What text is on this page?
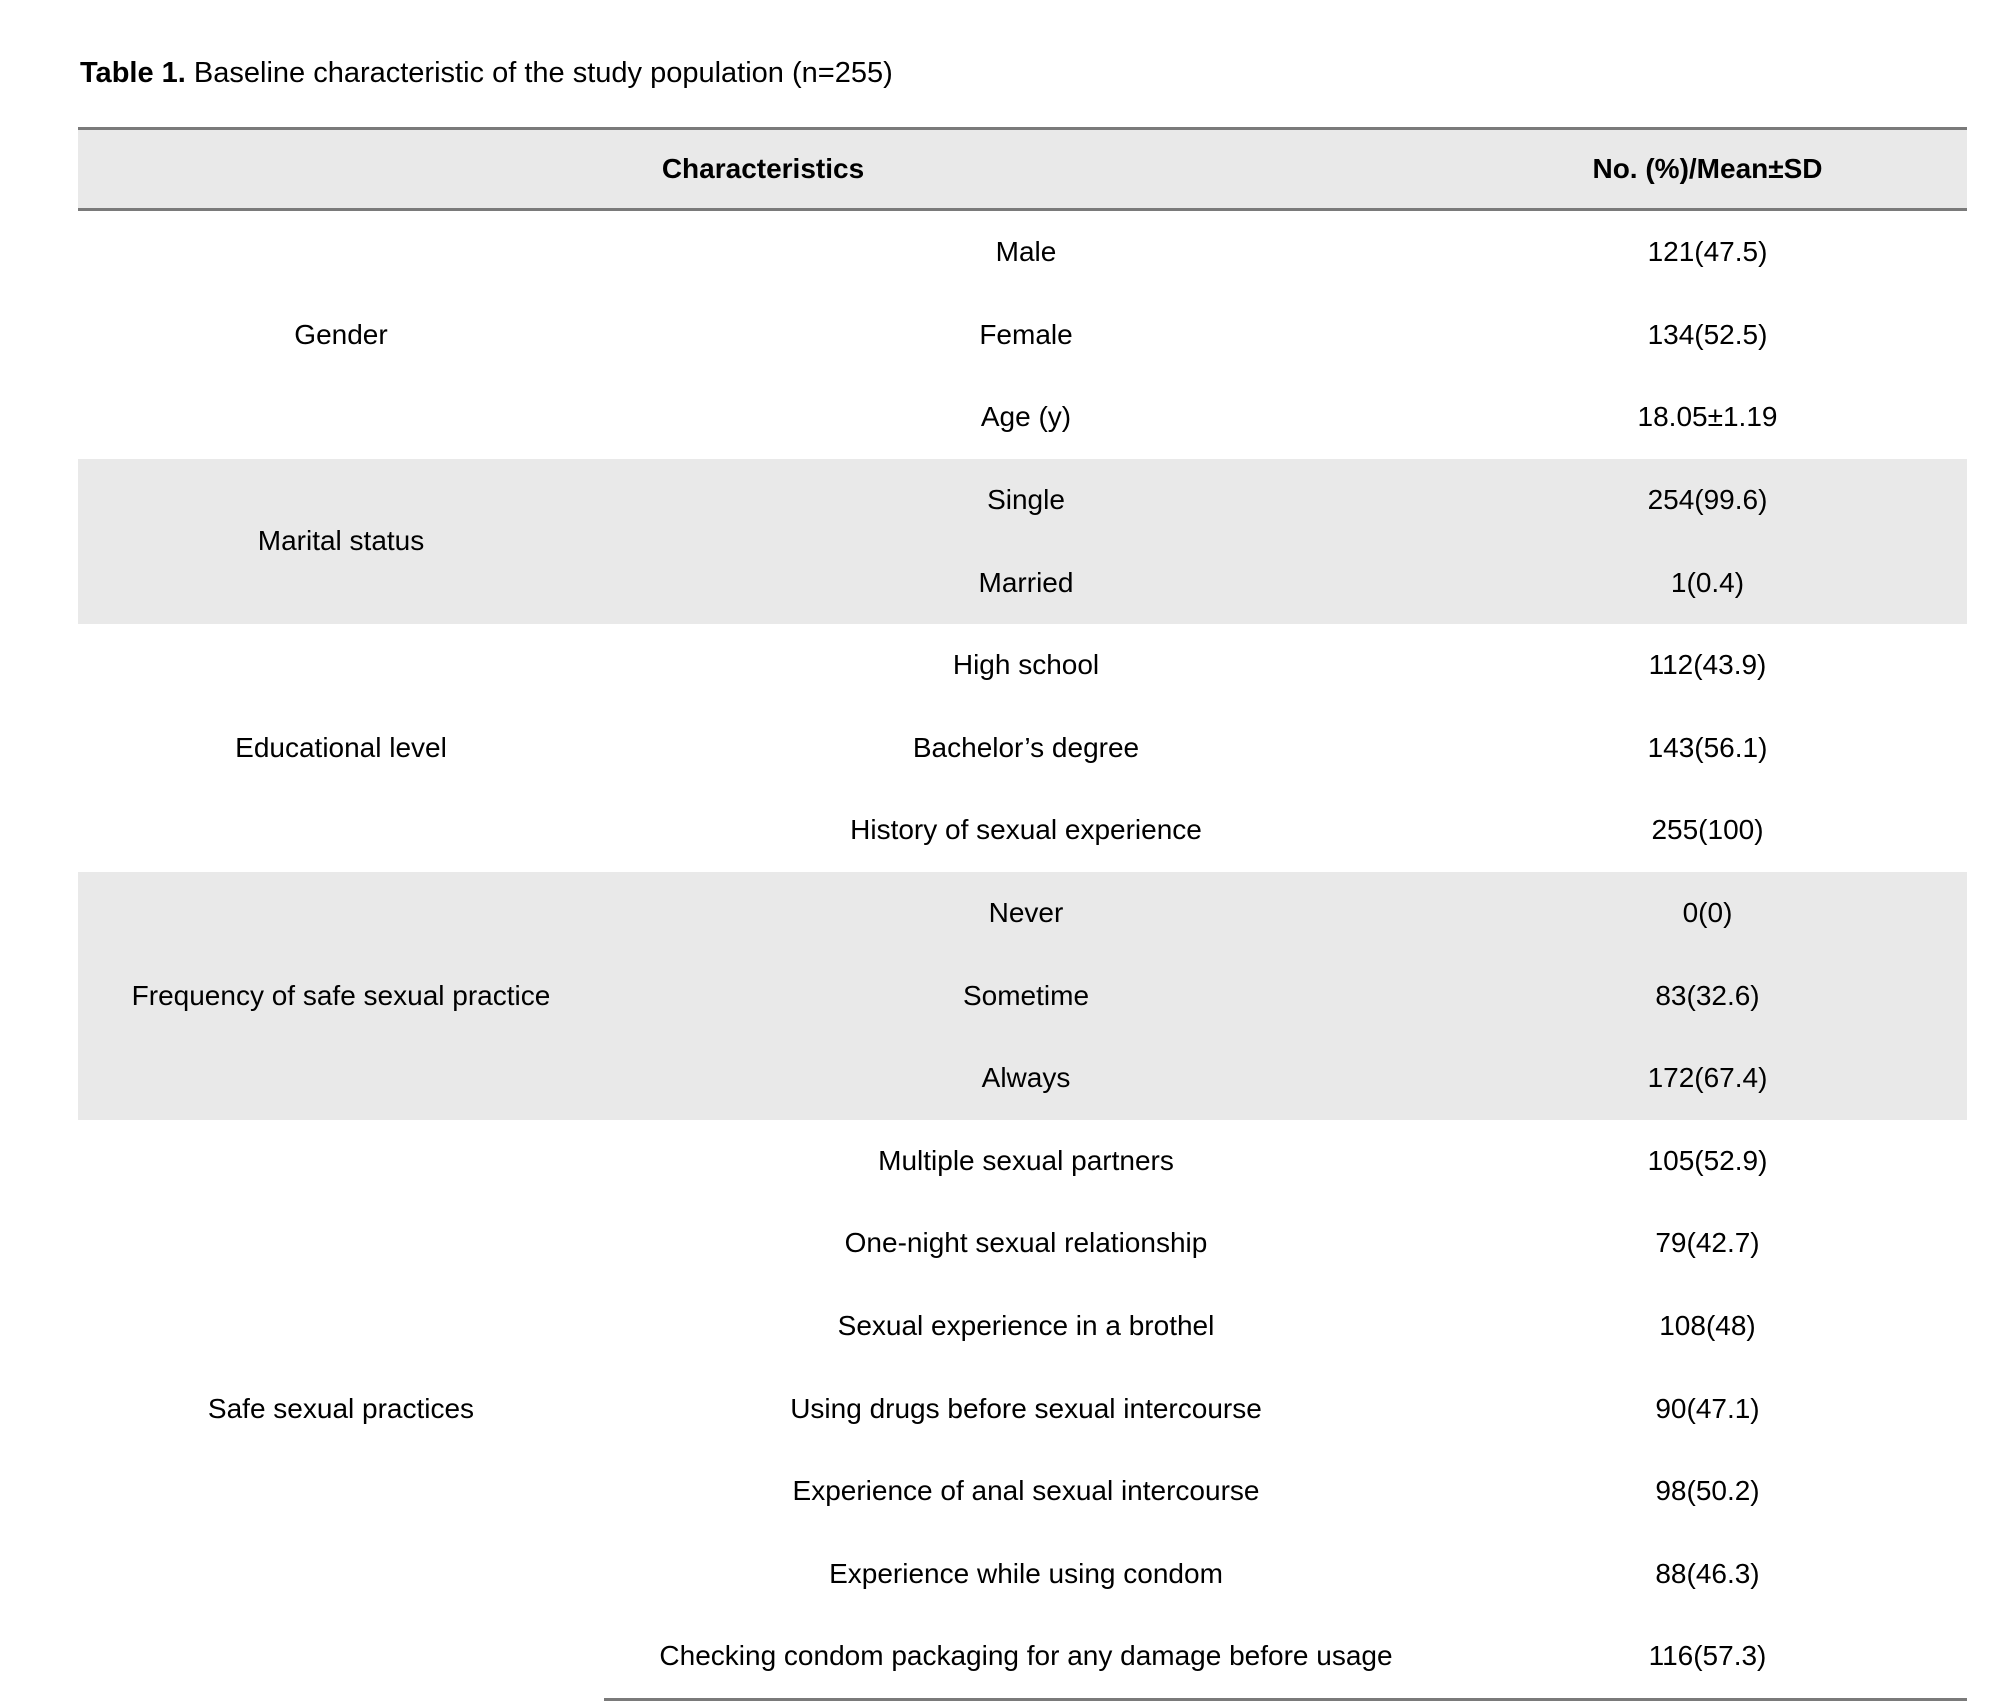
Table 1. Baseline characteristic of the study population (n=255)
Characteristics		No. (%)/Mean±SD
Gender	Male	121(47.5)
	Female	134(52.5)
	Age (y)	18.05±1.19
Marital status	Single	254(99.6)
	Married	1(0.4)
Educational level	High school	112(43.9)
	Bachelor’s degree	143(56.1)
	History of sexual experience	255(100)
Frequency of safe sexual practice	Never	0(0)
	Sometime	83(32.6)
	Always	172(67.4)
Safe sexual practices	Multiple sexual partners	105(52.9)
	One-night sexual relationship	79(42.7)
	Sexual experience in a brothel	108(48)
	Using drugs before sexual intercourse	90(47.1)
	Experience of anal sexual intercourse	98(50.2)
	Experience while using condom	88(46.3)
	Checking condom packaging for any damage before usage	116(57.3)
